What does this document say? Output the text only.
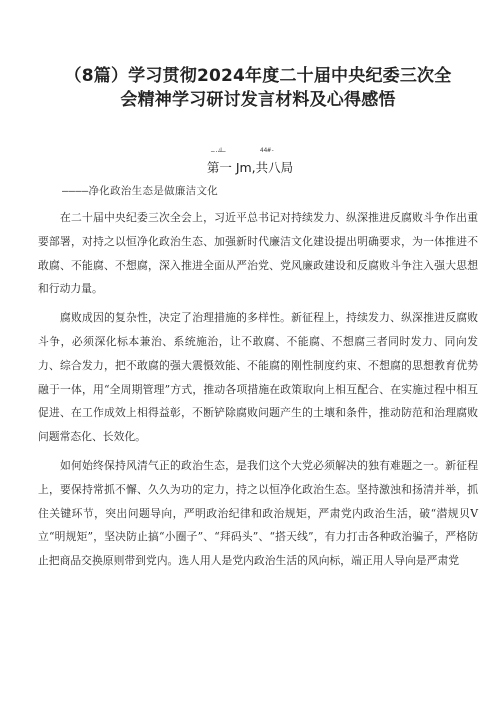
（8篇）学习贯彻2024年度二十届中央纪委三次全
会精神学习研讨发言材料及心得感悟
ـﻚ.ـ	44#-
第一 Jm,共八局
————净化政治生态是做廉洁文化

在二十届中央纪委三次全会上，习近平总书记对持续发力、纵深推进反腐败斗争作出重要部署，对持之以恒净化政治生态、加强新时代廉洁文化建设提出明确要求，为一体推进不敢腐、不能腐、不想腐，深入推进全面从严治党、党风廉政建设和反腐败斗争注入强大思想和行动力量。

腐败成因的复杂性，决定了治理措施的多样性。新征程上，持续发力、纵深推进反腐败斗争，必须深化标本兼治、系统施治，让不敢腐、不能腐、不想腐三者同时发力、同向发力、综合发力，把不敢腐的强大震慑效能、不能腐的刚性制度约束、不想腐的思想教育优势融于一体，用“全周期管理”方式，推动各项措施在政策取向上相互配合、在实施过程中相互促进、在工作成效上相得益彰，不断铲除腐败问题产生的土壤和条件，推动防范和治理腐败问题常态化、长效化。

如何始终保持风清气正的政治生态，是我们这个大党必须解决的独有难题之一。新征程上，要保持常抓不懈、久久为功的定力，持之以恒净化政治生态。坚持激浊和扬清并举，抓住关键环节，突出问题导向，严明政治纪律和政治规矩，严肃党内政治生活，破“潜规贝V立“明规矩”，坚决防止搞“小圈子”、“拜码头”、“搭天线”，有力打击各种政治骗子，严格防止把商品交换原则带到党内。选人用人是党内政治生活的风向标，端正用人导向是严肃党
